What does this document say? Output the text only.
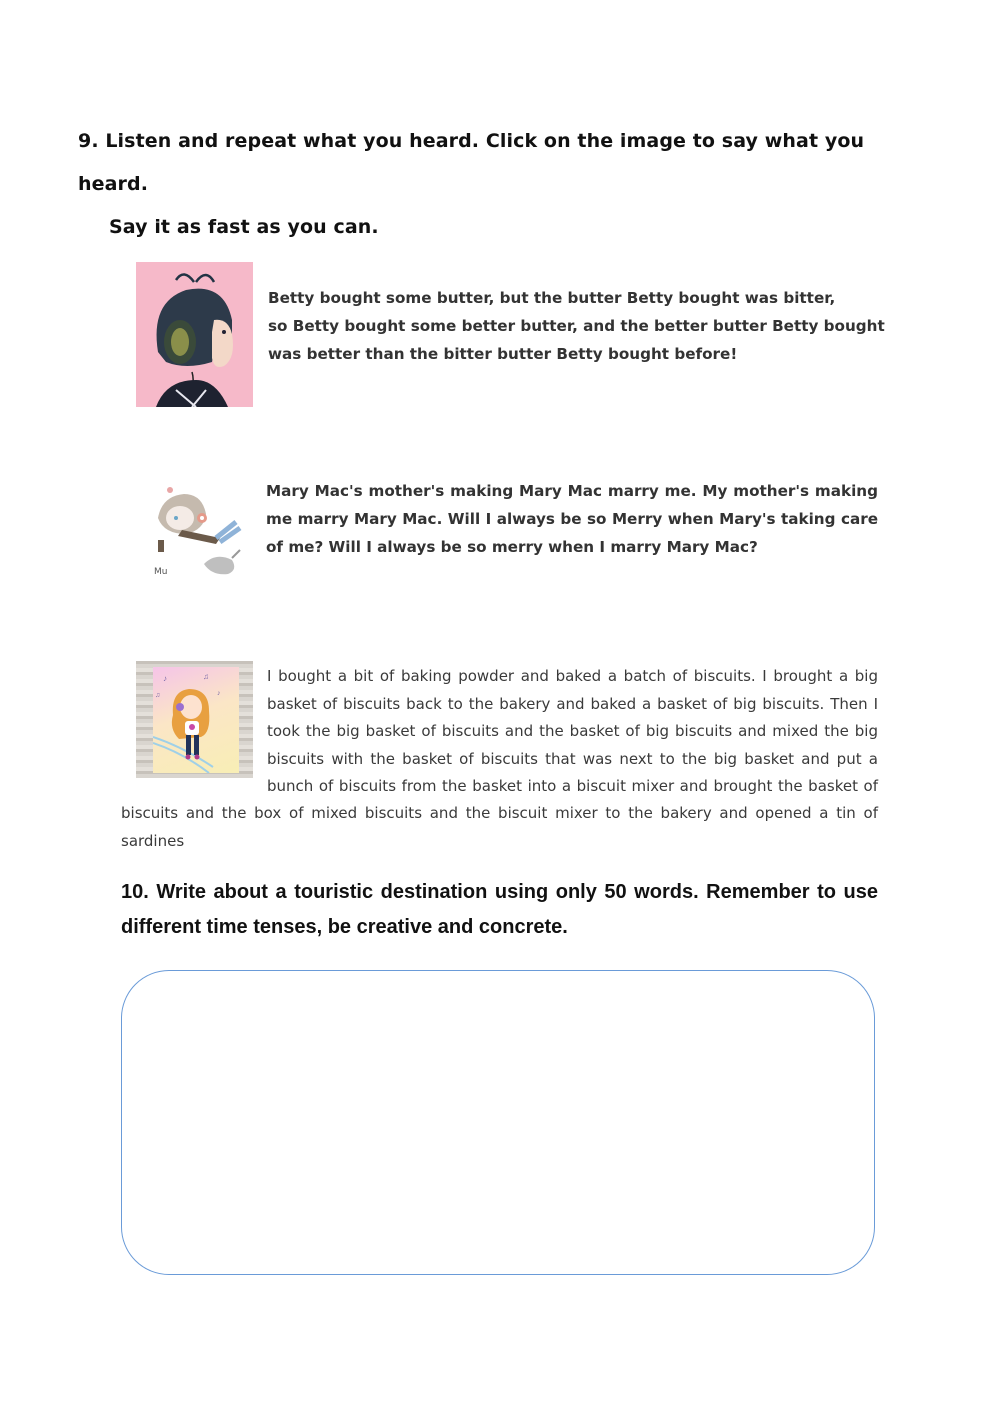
9. Listen and repeat what you heard. Click on the image to say what you heard.
Say it as fast as you can.
Betty bought some butter, but the butter Betty bought was bitter,
so Betty bought some better butter, and the better butter Betty bought
was better than the bitter butter Betty bought before!
Mu
Mary Mac's mother's making Mary Mac marry me. My mother's making me marry Mary Mac. Will I always be so Merry when Mary's taking care of me? Will I always be so merry when I marry Mary Mac?
♪	♫
♪
♫
I bought a bit of baking powder and baked a batch of biscuits. I brought a big
basket of biscuits back to the bakery and baked a basket of big biscuits. Then I
took the big basket of biscuits and the basket of big biscuits and mixed the big
biscuits with the basket of biscuits that was next to the big basket and put a
bunch of biscuits from the basket into a biscuit mixer and brought the basket of
biscuits and the box of mixed biscuits and the biscuit mixer to the bakery and opened a tin of
sardines
10. Write about a touristic destination using only 50 words. Remember to use
different time tenses, be creative and concrete.
